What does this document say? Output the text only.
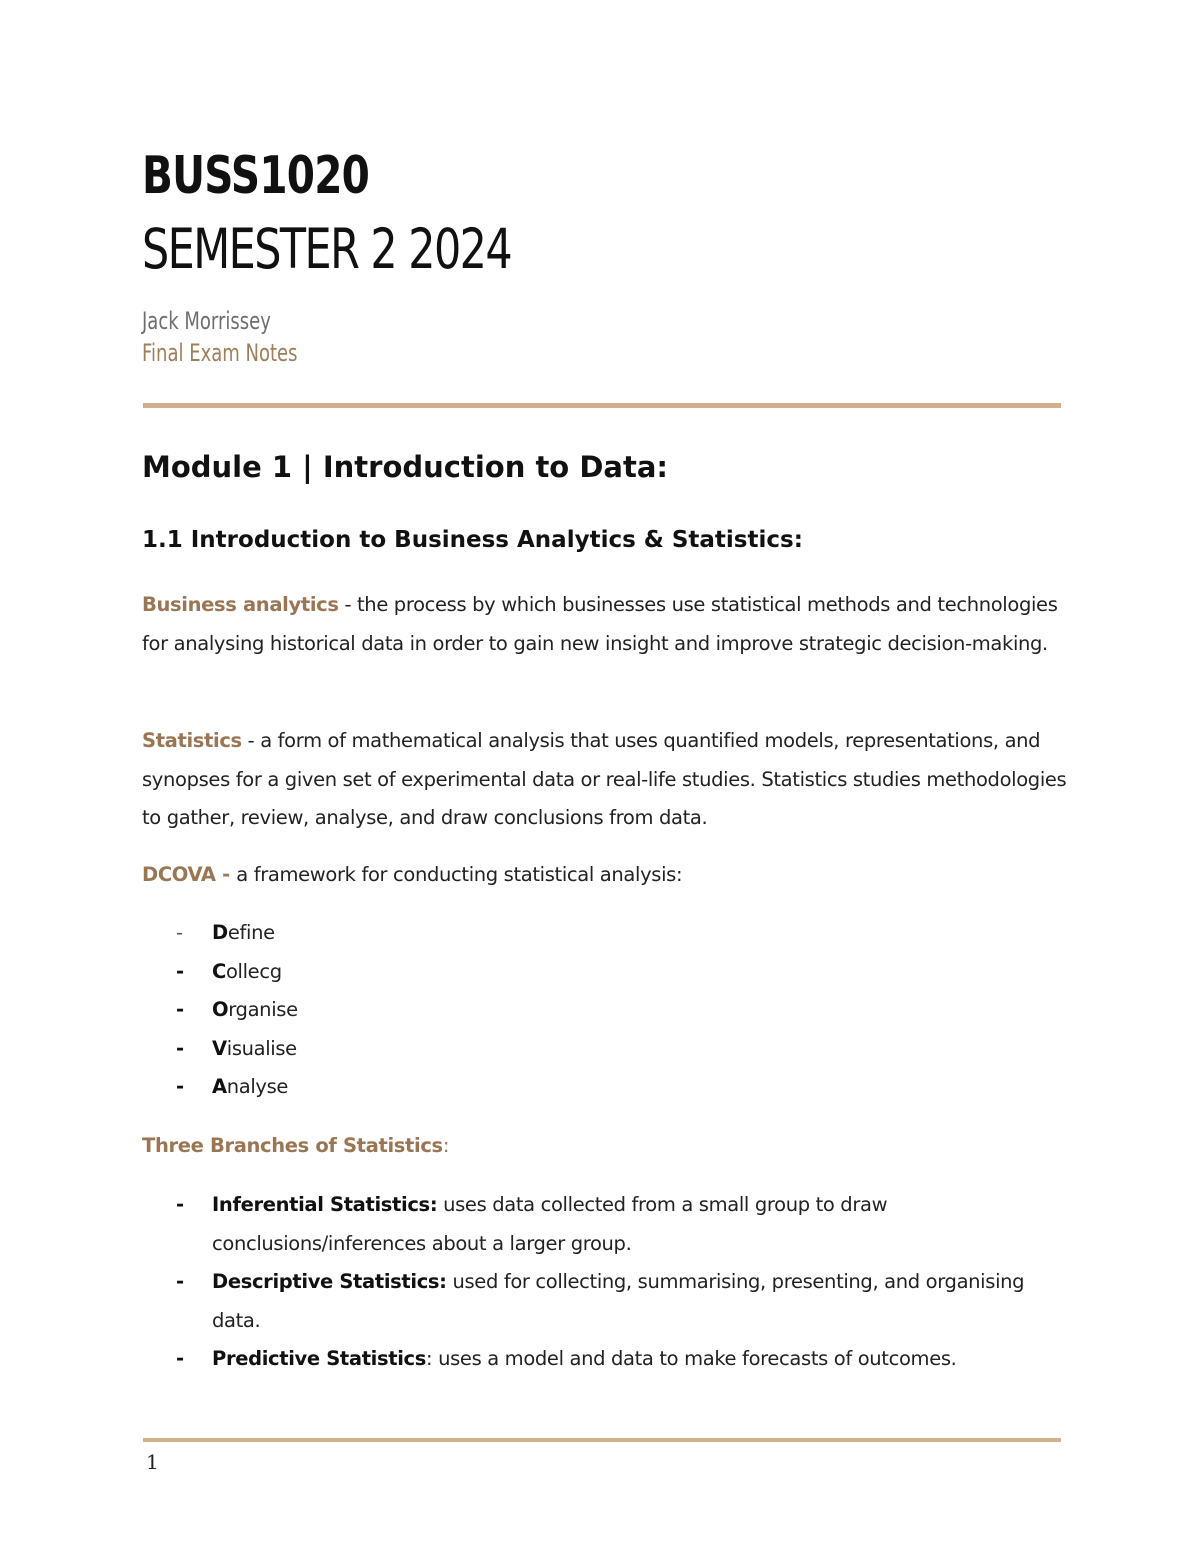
BUSS1020
SEMESTER 2 2024
Jack Morrissey
Final Exam Notes
Module 1 | Introduction to Data:
1.1 Introduction to Business Analytics & Statistics:
Business analytics - the process by which businesses use statistical methods and technologies for analysing historical data in order to gain new insight and improve strategic decision-making.
Statistics - a form of mathematical analysis that uses quantified models, representations, and synopses for a given set of experimental data or real-life studies. Statistics studies methodologies to gather, review, analyse, and draw conclusions from data.
DCOVA - a framework for conducting statistical analysis:
- Define
- Collecg
- Organise
- Visualise
- Analyse
Three Branches of Statistics:
- Inferential Statistics: uses data collected from a small group to draw conclusions/inferences about a larger group.
- Descriptive Statistics: used for collecting, summarising, presenting, and organising data.
- Predictive Statistics: uses a model and data to make forecasts of outcomes.
1
